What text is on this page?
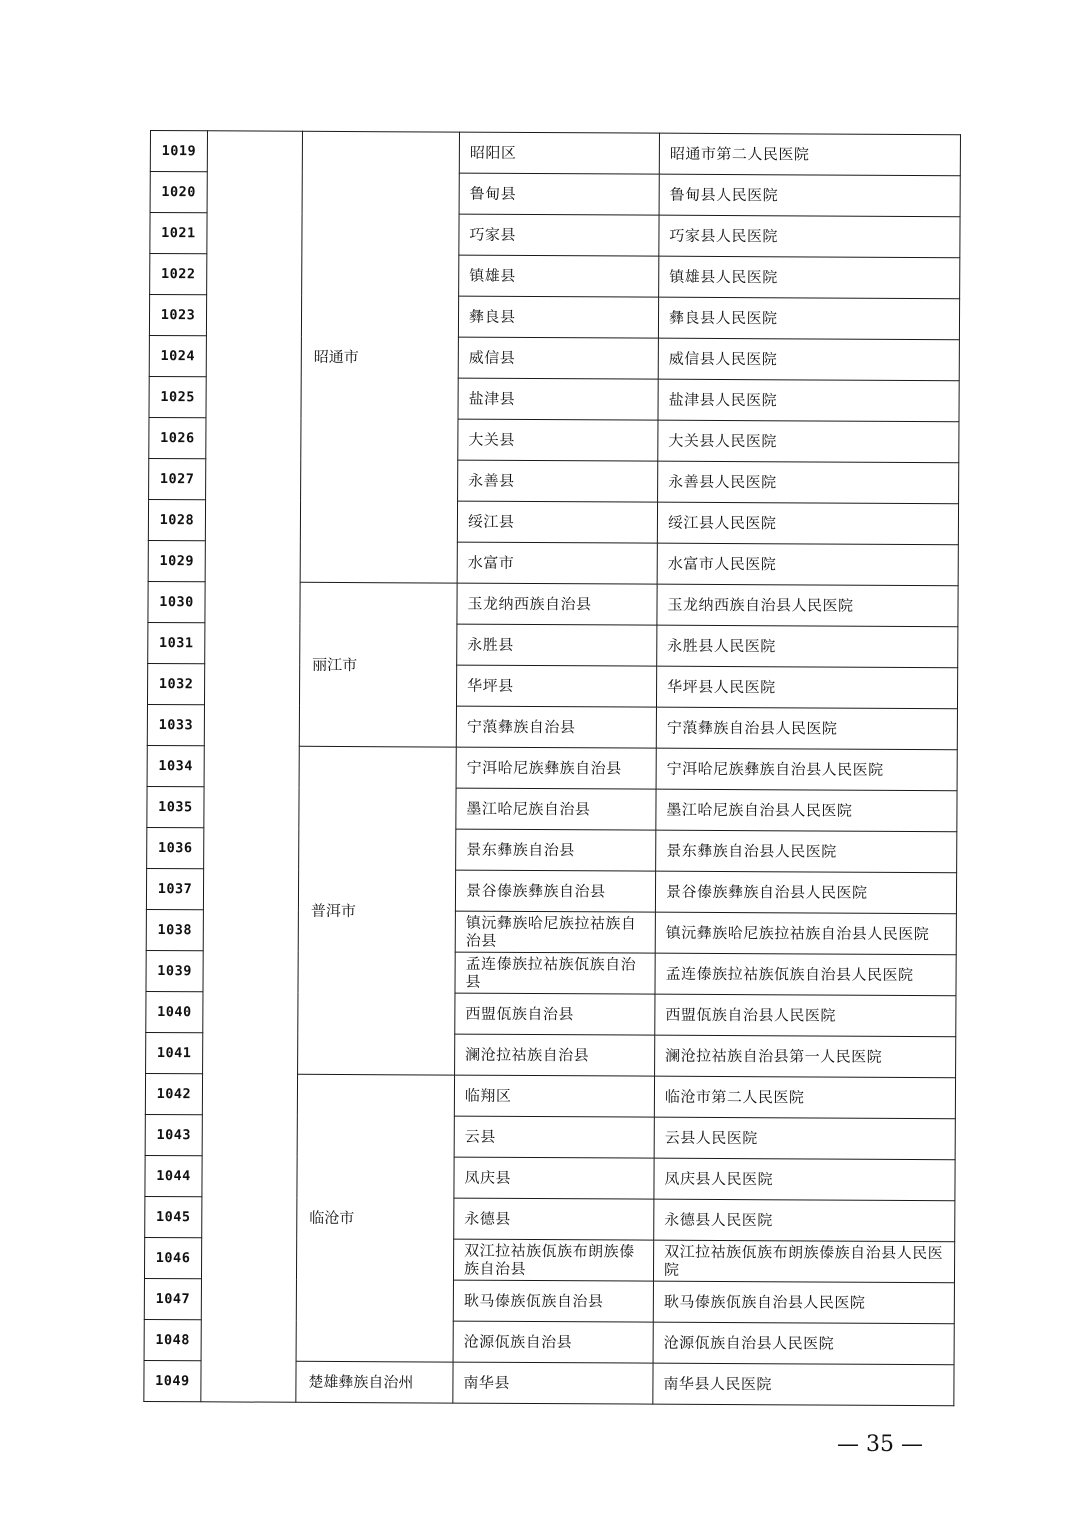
1019		昭通市	昭阳区	昭通市第二人民医院
1020			鲁甸县	鲁甸县人民医院
1021			巧家县	巧家县人民医院
1022			镇雄县	镇雄县人民医院
1023			彝良县	彝良县人民医院
1024			威信县	威信县人民医院
1025			盐津县	盐津县人民医院
1026			大关县	大关县人民医院
1027			永善县	永善县人民医院
1028			绥江县	绥江县人民医院
1029			水富市	水富市人民医院
1030		丽江市	玉龙纳西族自治县	玉龙纳西族自治县人民医院
1031			永胜县	永胜县人民医院
1032			华坪县	华坪县人民医院
1033			宁蒗彝族自治县	宁蒗彝族自治县人民医院
1034		普洱市	宁洱哈尼族彝族自治县	宁洱哈尼族彝族自治县人民医院
1035			墨江哈尼族自治县	墨江哈尼族自治县人民医院
1036			景东彝族自治县	景东彝族自治县人民医院
1037			景谷傣族彝族自治县	景谷傣族彝族自治县人民医院
1038			镇沅彝族哈尼族拉祜族自治县	镇沅彝族哈尼族拉祜族自治县人民医院
1039			孟连傣族拉祜族佤族自治县	孟连傣族拉祜族佤族自治县人民医院
1040			西盟佤族自治县	西盟佤族自治县人民医院
1041			澜沧拉祜族自治县	澜沧拉祜族自治县第一人民医院
1042		临沧市	临翔区	临沧市第二人民医院
1043			云县	云县人民医院
1044			凤庆县	凤庆县人民医院
1045			永德县	永德县人民医院
1046			双江拉祜族佤族布朗族傣族自治县	双江拉祜族佤族布朗族傣族自治县人民医院
1047			耿马傣族佤族自治县	耿马傣族佤族自治县人民医院
1048			沧源佤族自治县	沧源佤族自治县人民医院
1049		楚雄彝族自治州	南华县	南华县人民医院
— 35 —
